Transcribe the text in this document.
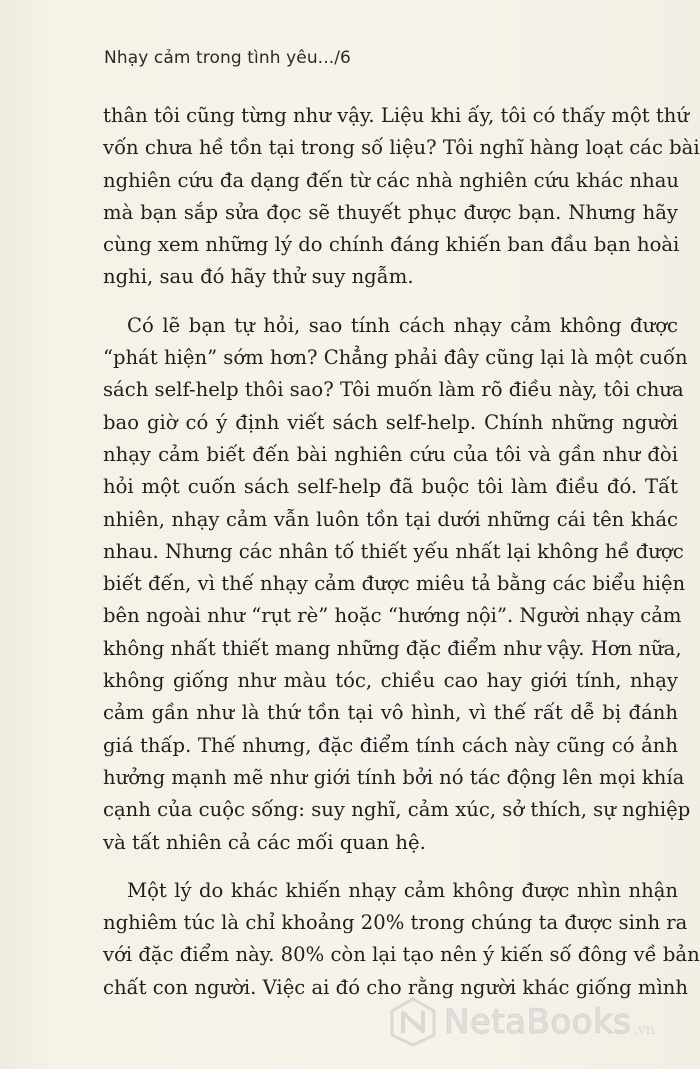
Nhạy cảm trong tình yêu.../6

thân tôi cũng từng như vậy. Liệu khi ấy, tôi có thấy một thứ
vốn chưa hề tồn tại trong số liệu? Tôi nghĩ hàng loạt các bài
nghiên cứu đa dạng đến từ các nhà nghiên cứu khác nhau
mà bạn sắp sửa đọc sẽ thuyết phục được bạn. Nhưng hãy
cùng xem những lý do chính đáng khiến ban đầu bạn hoài
nghi, sau đó hãy thử suy ngẫm.

Có lẽ bạn tự hỏi, sao tính cách nhạy cảm không được
“phát hiện” sớm hơn? Chẳng phải đây cũng lại là một cuốn
sách self-help thôi sao? Tôi muốn làm rõ điều này, tôi chưa
bao giờ có ý định viết sách self-help. Chính những người
nhạy cảm biết đến bài nghiên cứu của tôi và gần như đòi
hỏi một cuốn sách self-help đã buộc tôi làm điều đó. Tất
nhiên, nhạy cảm vẫn luôn tồn tại dưới những cái tên khác
nhau. Nhưng các nhân tố thiết yếu nhất lại không hề được
biết đến, vì thế nhạy cảm được miêu tả bằng các biểu hiện
bên ngoài như “rụt rè” hoặc “hướng nội”. Người nhạy cảm
không nhất thiết mang những đặc điểm như vậy. Hơn nữa,
không giống như màu tóc, chiều cao hay giới tính, nhạy
cảm gần như là thứ tồn tại vô hình, vì thế rất dễ bị đánh
giá thấp. Thế nhưng, đặc điểm tính cách này cũng có ảnh
hưởng mạnh mẽ như giới tính bởi nó tác động lên mọi khía
cạnh của cuộc sống: suy nghĩ, cảm xúc, sở thích, sự nghiệp
và tất nhiên cả các mối quan hệ.

Một lý do khác khiến nhạy cảm không được nhìn nhận
nghiêm túc là chỉ khoảng 20% trong chúng ta được sinh ra
với đặc điểm này. 80% còn lại tạo nên ý kiến số đông về bản
chất con người. Việc ai đó cho rằng người khác giống mình

NetaBooks .vn
